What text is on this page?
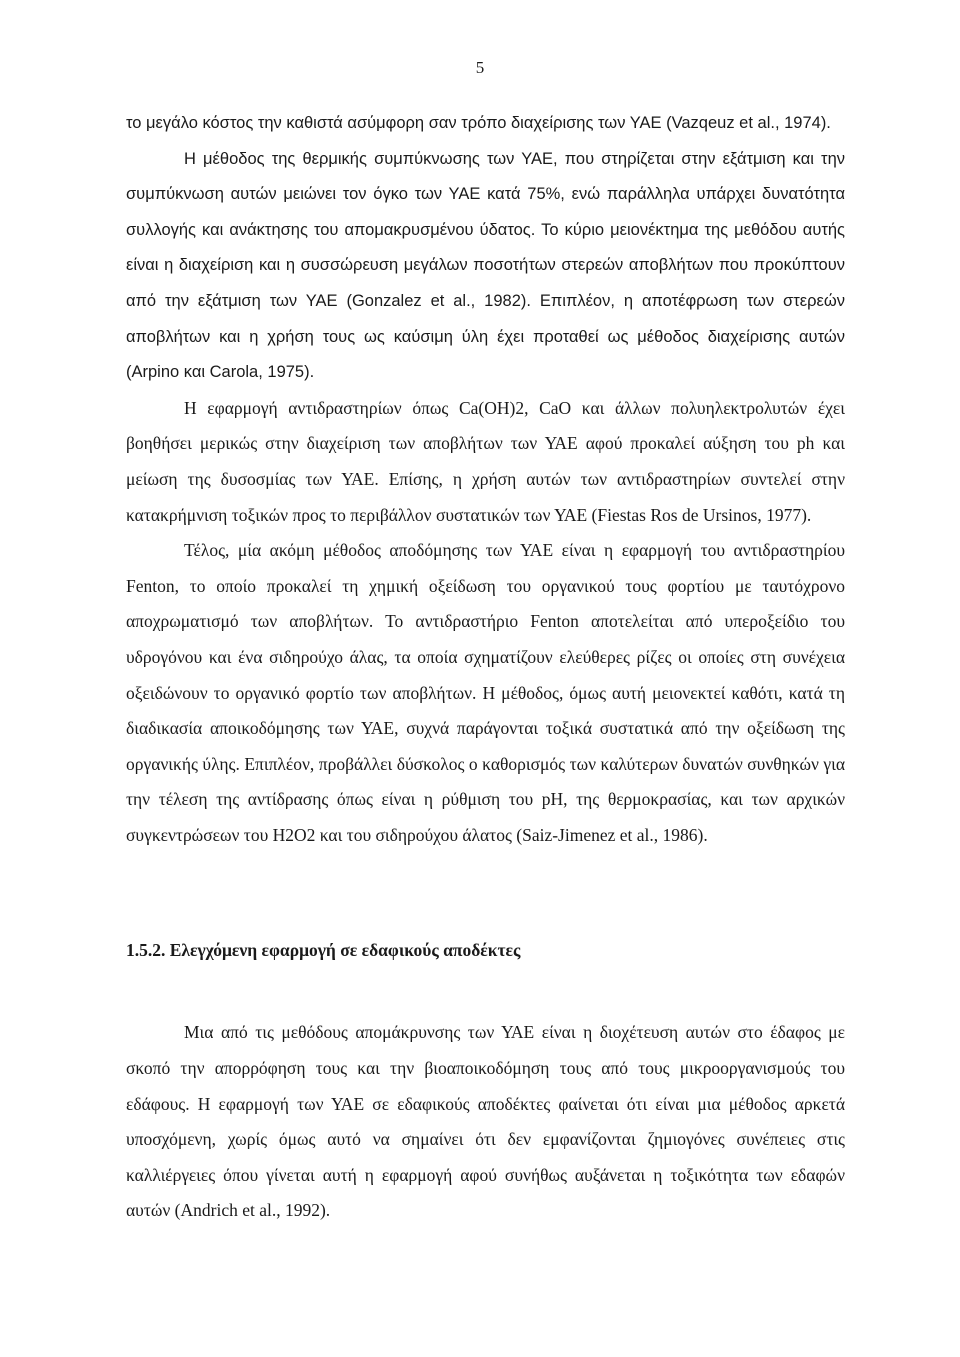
5

το μεγάλο κόστος την καθιστά ασύμφορη σαν τρόπο διαχείρισης των ΥΑΕ (Vazqeuz et al., 1974).

Η μέθοδος της θερμικής συμπύκνωσης των ΥΑΕ, που στηρίζεται στην εξάτμιση και την συμπύκνωση αυτών μειώνει τον όγκο των ΥΑΕ κατά 75%, ενώ παράλληλα υπάρχει δυνατότητα συλλογής και ανάκτησης του απομακρυσμένου ύδατος. Το κύριο μειονέκτημα της μεθόδου αυτής είναι η διαχείριση και η συσσώρευση μεγάλων ποσοτήτων στερεών αποβλήτων που προκύπτουν από την εξάτμιση των ΥΑΕ (Gonzalez et al., 1982). Επιπλέον, η αποτέφρωση των στερεών αποβλήτων και η χρήση τους ως καύσιμη ύλη έχει προταθεί ως μέθοδος διαχείρισης αυτών (Arpino και Carola, 1975).

Η εφαρμογή αντιδραστηρίων όπως Ca(OH)2, CaO και άλλων πολυηλεκτρολυτών έχει βοηθήσει μερικώς στην διαχείριση των αποβλήτων των ΥΑΕ αφού προκαλεί αύξηση του ph και μείωση της δυσοσμίας των ΥΑΕ. Επίσης, η χρήση αυτών των αντιδραστηρίων συντελεί στην κατακρήμνιση τοξικών προς το περιβάλλον συστατικών των ΥΑΕ (Fiestas Ros de Ursinos, 1977).

Τέλος, μία ακόμη μέθοδος αποδόμησης των ΥΑΕ είναι η εφαρμογή του αντιδραστηρίου Fenton, το οποίο προκαλεί τη χημική οξείδωση του οργανικού τους φορτίου με ταυτόχρονο αποχρωματισμό των αποβλήτων. Το αντιδραστήριο Fenton αποτελείται από υπεροξείδιο του υδρογόνου και ένα σιδηρούχο άλας, τα οποία σχηματίζουν ελεύθερες ρίζες οι οποίες στη συνέχεια οξειδώνουν το οργανικό φορτίο των αποβλήτων. Η μέθοδος, όμως αυτή μειονεκτεί καθότι, κατά τη διαδικασία αποικοδόμησης των ΥΑΕ, συχνά παράγονται τοξικά συστατικά από την οξείδωση της οργανικής ύλης. Επιπλέον, προβάλλει δύσκολος ο καθορισμός των καλύτερων δυνατών συνθηκών για την τέλεση της αντίδρασης όπως είναι η ρύθμιση του pH, της θερμοκρασίας, και των αρχικών συγκεντρώσεων του H2O2 και του σιδηρούχου άλατος (Saiz-Jimenez et al., 1986).

1.5.2. Ελεγχόμενη εφαρμογή σε εδαφικούς αποδέκτες

Μια από τις μεθόδους απομάκρυνσης των ΥΑΕ είναι η διοχέτευση αυτών στο έδαφος με σκοπό την απορρόφηση τους και την βιοαποικοδόμηση τους από τους μικροοργανισμούς του εδάφους. Η εφαρμογή των ΥΑΕ σε εδαφικούς αποδέκτες φαίνεται ότι είναι μια μέθοδος αρκετά υποσχόμενη, χωρίς όμως αυτό να σημαίνει ότι δεν εμφανίζονται ζημιογόνες συνέπειες στις καλλιέργειες όπου γίνεται αυτή η εφαρμογή αφού συνήθως αυξάνεται η τοξικότητα των εδαφών αυτών (Andrich et al., 1992).
